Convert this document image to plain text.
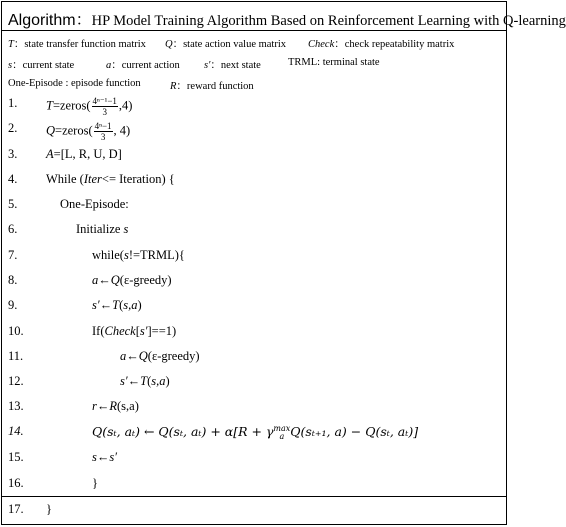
Algorithm：HP Model Training Algorithm Based on Reinforcement Learning with Q-learning
T：state transfer function matrix Q：state action value matrix Check：check repeatability matrix
s：current state	a：current action s′：next state	TRML: terminal state
One-Episode : episode function	R：reward function
1. T=zeros( $\frac{\text{4ⁿ⁻¹−1}}{3} ,4$)
2. Q=zeros( $\frac{\text{4ⁿ−1}}{3}$ , 4)
3. A=[L, R, U, D]
4. While (Iter<= Iteration) {
5.	One-Episode:
6.	Initialize s
7.	while(s!=TRML){
8.	a←Q(ε-greedy)
9.	s′←T(s,a)
10.	If(Check[s′]==1)
11.	a←Q(ε-greedy)
12.	s′←T(s,a)
13.	r←R(s,a)
14.	Q(sₜ, aₜ) ← Q(sₜ, aₜ) + α[R + γ max
a Q(sₜ₊₁, a) − Q(sₜ, aₜ)]
15.	s←s′
16.	}
17. }
